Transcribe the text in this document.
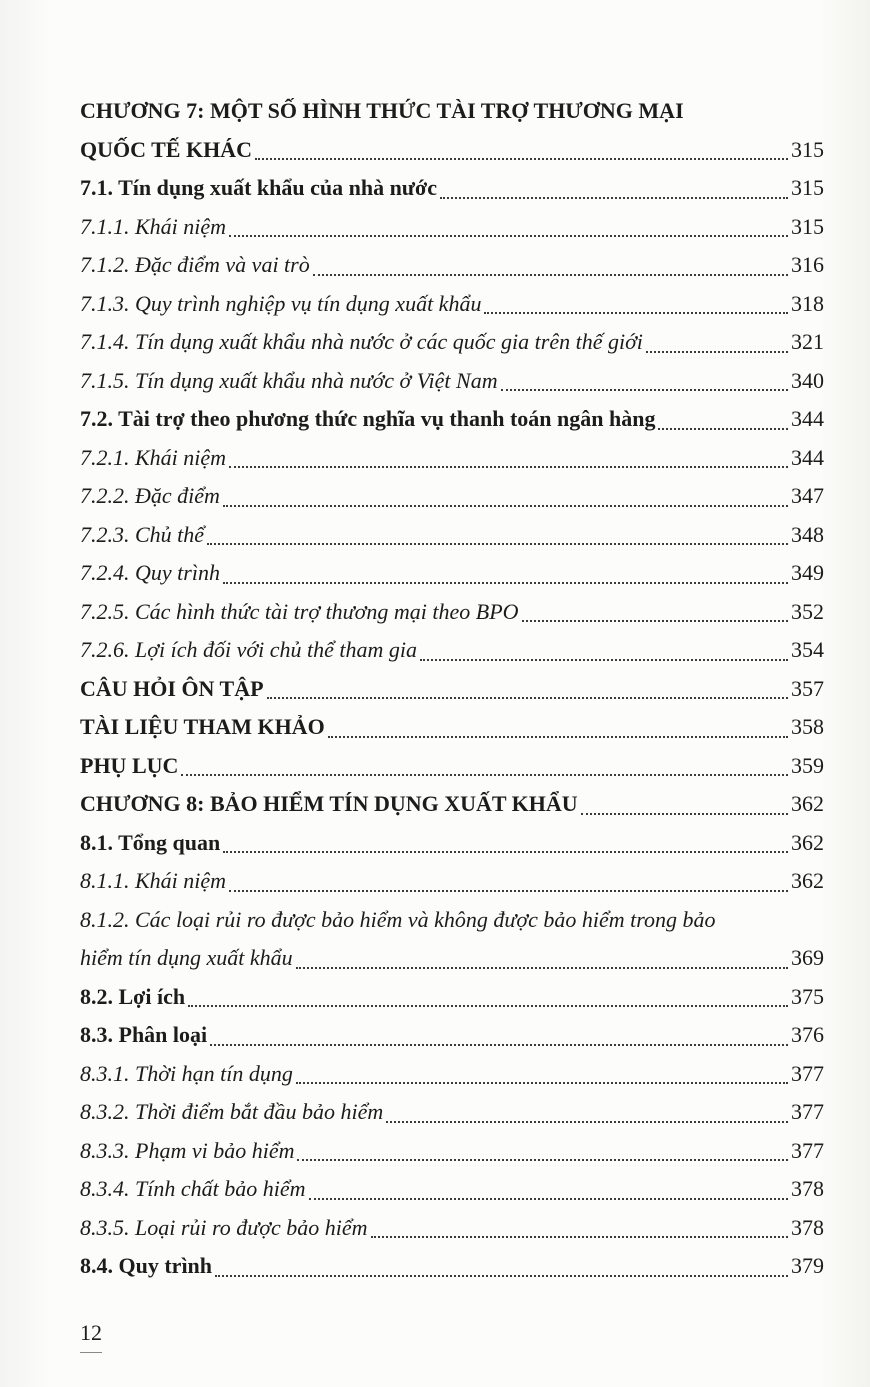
CHƯƠNG 7: MỘT SỐ HÌNH THỨC TÀI TRỢ THƯƠNG MẠI
QUỐC TẾ KHÁC	315
7.1. Tín dụng xuất khẩu của nhà nước	315
7.1.1. Khái niệm	315
7.1.2. Đặc điểm và vai trò	316
7.1.3. Quy trình nghiệp vụ tín dụng xuất khẩu	318
7.1.4. Tín dụng xuất khẩu nhà nước ở các quốc gia trên thế giới	321
7.1.5. Tín dụng xuất khẩu nhà nước ở Việt Nam	340
7.2. Tài trợ theo phương thức nghĩa vụ thanh toán ngân hàng	344
7.2.1. Khái niệm	344
7.2.2. Đặc điểm	347
7.2.3. Chủ thể	348
7.2.4. Quy trình	349
7.2.5. Các hình thức tài trợ thương mại theo BPO	352
7.2.6. Lợi ích đối với chủ thể tham gia	354
CÂU HỎI ÔN TẬP	357
TÀI LIỆU THAM KHẢO	358
PHỤ LỤC	359
CHƯƠNG 8: BẢO HIỂM TÍN DỤNG XUẤT KHẨU	362
8.1. Tổng quan	362
8.1.1. Khái niệm	362
8.1.2. Các loại rủi ro được bảo hiểm và không được bảo hiểm trong bảo
hiểm tín dụng xuất khẩu	369
8.2. Lợi ích	375
8.3. Phân loại	376
8.3.1. Thời hạn tín dụng	377
8.3.2. Thời điểm bắt đầu bảo hiểm	377
8.3.3. Phạm vi bảo hiểm	377
8.3.4. Tính chất bảo hiểm	378
8.3.5. Loại rủi ro được bảo hiểm	378
8.4. Quy trình	379
12
